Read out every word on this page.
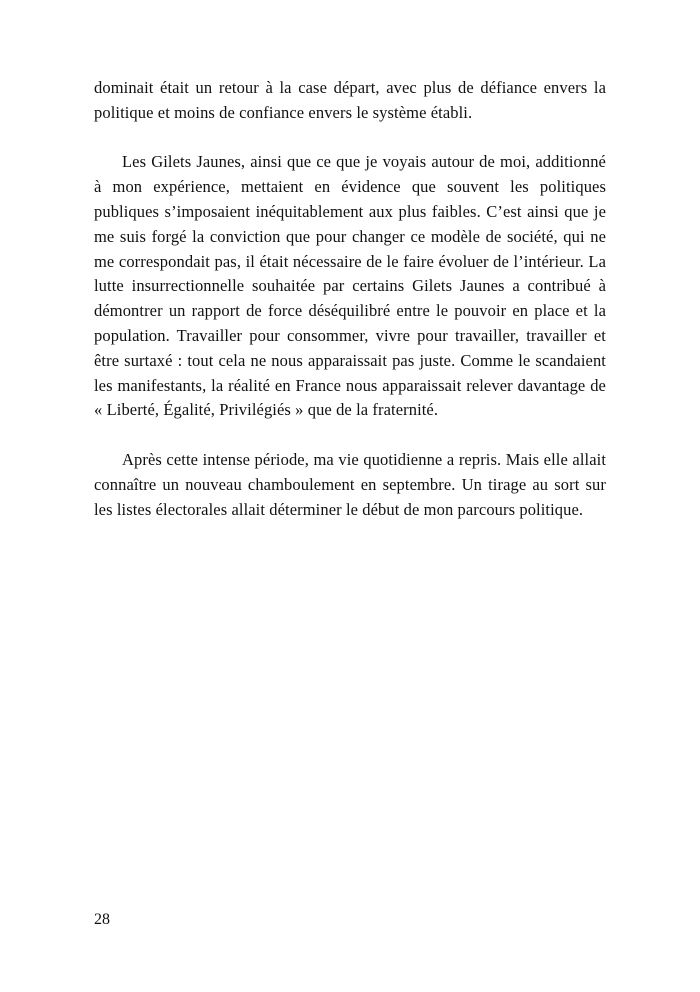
dominait était un retour à la case départ, avec plus de défiance envers la politique et moins de confiance envers le système établi.

Les Gilets Jaunes, ainsi que ce que je voyais autour de moi, additionné à mon expérience, mettaient en évidence que souvent les politiques publiques s’imposaient inéquitablement aux plus faibles. C’est ainsi que je me suis forgé la conviction que pour changer ce modèle de société, qui ne me correspondait pas, il était nécessaire de le faire évoluer de l’intérieur. La lutte insurrectionnelle souhaitée par certains Gilets Jaunes a contribué à démontrer un rapport de force déséquilibré entre le pouvoir en place et la population. Travailler pour consommer, vivre pour travailler, travailler et être surtaxé : tout cela ne nous apparaissait pas juste. Comme le scandaient les manifestants, la réalité en France nous apparaissait relever davantage de « Liberté, Égalité, Privilégiés » que de la fraternité.

Après cette intense période, ma vie quotidienne a repris. Mais elle allait connaître un nouveau chamboulement en septembre. Un tirage au sort sur les listes électorales allait déterminer le début de mon parcours politique.

28
